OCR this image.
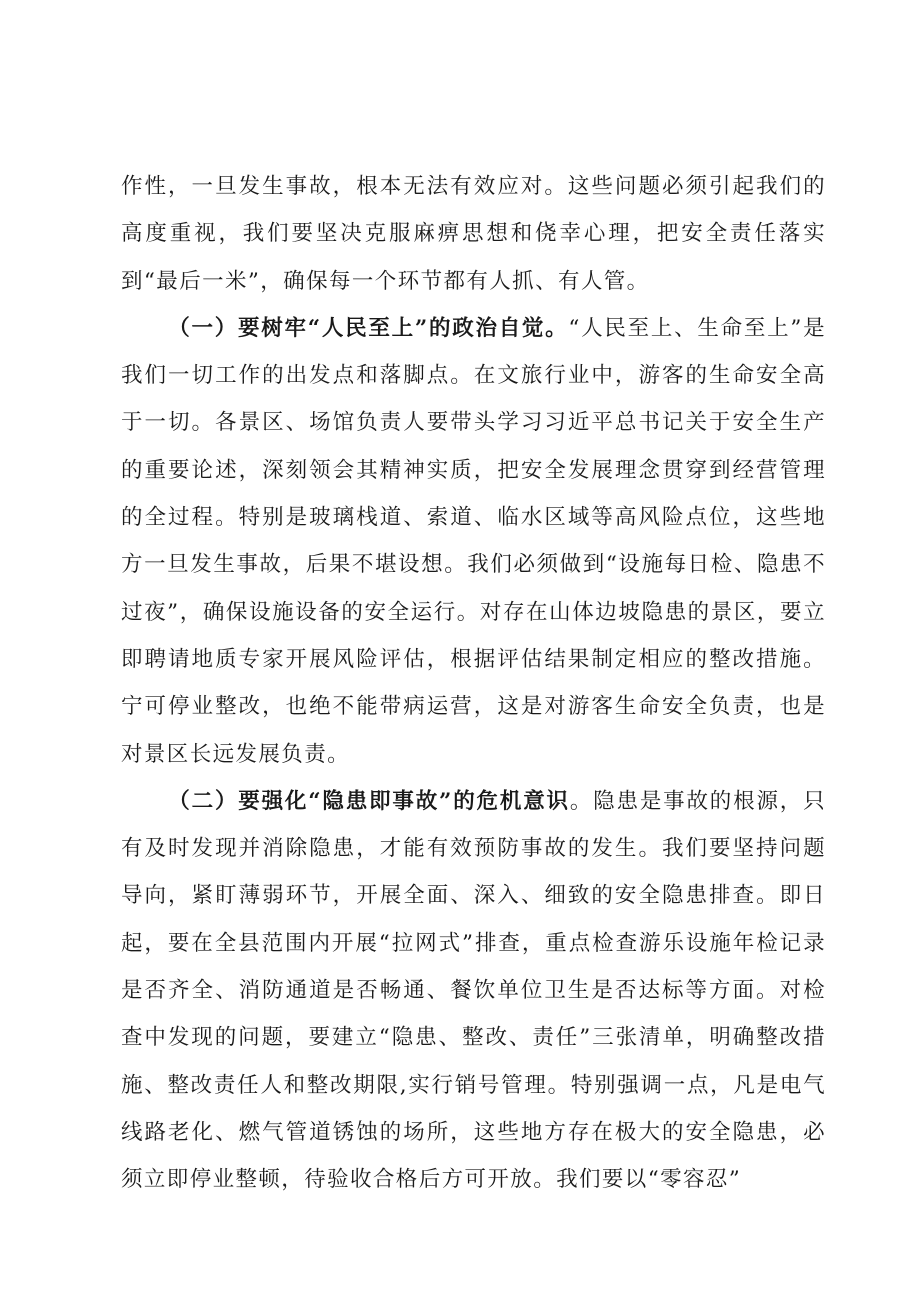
作性，一旦发生事故，根本无法有效应对。这些问题必须引起我们的高度重视，我们要坚决克服麻痹思想和侥幸心理，把安全责任落实到“最后一米”，确保每一个环节都有人抓、有人管。

（一）要树牢“人民至上”的政治自觉。“人民至上、生命至上”是我们一切工作的出发点和落脚点。在文旅行业中，游客的生命安全高于一切。各景区、场馆负责人要带头学习习近平总书记关于安全生产的重要论述，深刻领会其精神实质，把安全发展理念贯穿到经营管理的全过程。特别是玻璃栈道、索道、临水区域等高风险点位，这些地方一旦发生事故，后果不堪设想。我们必须做到“设施每日检、隐患不过夜”，确保设施设备的安全运行。对存在山体边坡隐患的景区，要立即聘请地质专家开展风险评估，根据评估结果制定相应的整改措施。宁可停业整改，也绝不能带病运营，这是对游客生命安全负责，也是对景区长远发展负责。

（二）要强化“隐患即事故”的危机意识。隐患是事故的根源，只有及时发现并消除隐患，才能有效预防事故的发生。我们要坚持问题导向，紧盯薄弱环节，开展全面、深入、细致的安全隐患排查。即日起，要在全县范围内开展“拉网式”排查，重点检查游乐设施年检记录是否齐全、消防通道是否畅通、餐饮单位卫生是否达标等方面。对检查中发现的问题，要建立“隐患、整改、责任”三张清单，明确整改措施、整改责任人和整改期限,实行销号管理。特别强调一点，凡是电气线路老化、燃气管道锈蚀的场所，这些地方存在极大的安全隐患，必须立即停业整顿，待验收合格后方可开放。我们要以“零容忍”
